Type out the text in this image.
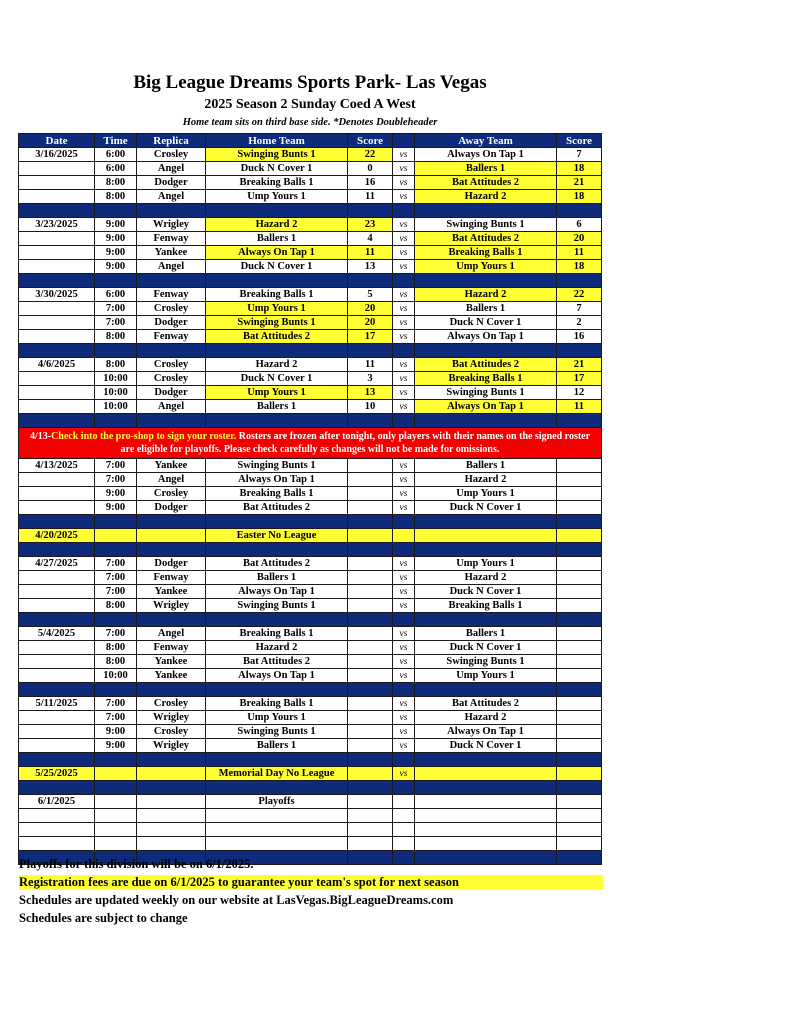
Big League Dreams Sports Park- Las Vegas
2025 Season 2 Sunday Coed A West
Home team sits on third base side. *Denotes Doubleheader
Date	Time	Replica	Home Team	Score		Away Team	Score
3/16/2025	6:00	Crosley	Swinging Bunts 1	22	vs	Always On Tap 1	7
	6:00	Angel	Duck N Cover 1	0	vs	Ballers 1	18
	8:00	Dodger	Breaking Balls 1	16	vs	Bat Attitudes 2	21
	8:00	Angel	Ump Yours 1	11	vs	Hazard 2	18

3/23/2025	9:00	Wrigley	Hazard 2	23	vs	Swinging Bunts 1	6
	9:00	Fenway	Ballers 1	4	vs	Bat Attitudes 2	20
	9:00	Yankee	Always On Tap 1	11	vs	Breaking Balls 1	11
	9:00	Angel	Duck N Cover 1	13	vs	Ump Yours 1	18

3/30/2025	6:00	Fenway	Breaking Balls 1	5	vs	Hazard 2	22
	7:00	Crosley	Ump Yours 1	20	vs	Ballers 1	7
	7:00	Dodger	Swinging Bunts 1	20	vs	Duck N Cover 1	2
	8:00	Fenway	Bat Attitudes 2	17	vs	Always On Tap 1	16

4/6/2025	8:00	Crosley	Hazard 2	11	vs	Bat Attitudes 2	21
	10:00	Crosley	Duck N Cover 1	3	vs	Breaking Balls 1	17
	10:00	Dodger	Ump Yours 1	13	vs	Swinging Bunts 1	12
	10:00	Angel	Ballers 1	10	vs	Always On Tap 1	11

4/13-Check into the pro-shop to sign your roster. Rosters are frozen after tonight, only players with their names on the signed roster are eligible for playoffs. Please check carefully as changes will not be made for omissions.							
4/13/2025	7:00	Yankee	Swinging Bunts 1		vs	Ballers 1	
	7:00	Angel	Always On Tap 1		vs	Hazard 2	
	9:00	Crosley	Breaking Balls 1		vs	Ump Yours 1	
	9:00	Dodger	Bat Attitudes 2		vs	Duck N Cover 1	

4/20/2025			Easter No League				

4/27/2025	7:00	Dodger	Bat Attitudes 2		vs	Ump Yours 1	
	7:00	Fenway	Ballers 1		vs	Hazard 2	
	7:00	Yankee	Always On Tap 1		vs	Duck N Cover 1	
	8:00	Wrigley	Swinging Bunts 1		vs	Breaking Balls 1	

5/4/2025	7:00	Angel	Breaking Balls 1		vs	Ballers 1	
	8:00	Fenway	Hazard 2		vs	Duck N Cover 1	
	8:00	Yankee	Bat Attitudes 2		vs	Swinging Bunts 1	
	10:00	Yankee	Always On Tap 1		vs	Ump Yours 1	

5/11/2025	7:00	Crosley	Breaking Balls 1		vs	Bat Attitudes 2	
	7:00	Wrigley	Ump Yours 1		vs	Hazard 2	
	9:00	Crosley	Swinging Bunts 1		vs	Always On Tap 1	
	9:00	Wrigley	Ballers 1		vs	Duck N Cover 1	

5/25/2025			Memorial Day No League		vs		

6/1/2025			Playoffs				

Playoffs for this division will be on 6/1/2025.
Registration fees are due on 6/1/2025 to guarantee your team's spot for next season
Schedules are updated weekly on our website at LasVegas.BigLeagueDreams.com
Schedules are subject to change
